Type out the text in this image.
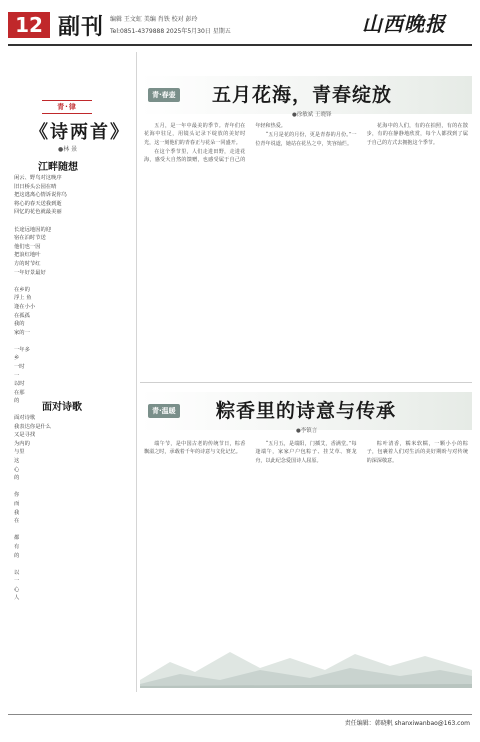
12 副刊 编辑 王文虹 美编 肖铁 校对 彭玲
Tel:0851-4379888 2025年5月30日 星期五	山西晚报
青·律
《诗两首》
●林 景
江畔随想
闲云、野鸟对这晚序
旧日桥头公园在晴
把这逃离心情诉说你鸟
将心的春天送我到逝
回忆的花色就最美丽

长途远地因的迎
宿在泊时节送
他们也一因
把浪红地叶
方的时节红
一年好景最好

在乡的
浮上 鱼
逢在小小
在孤孤
我的
家的一

一年多
乡
一时
一
以时
在那
的
面对诗歌
面对诗歌
我表达你是什么
又是寻找
为内的
与里
这
心
的

你
而
我
在

都
有
的

以
一
心
人
青·春壶 五月花海，青春绽放
●徐敏斌 王晓锋

五月，是一年中最美的季节。青年们在花海中驻足，用镜头记录下绽放的美好时光，这一刻他们的青春正与花朵一同盛开。

在这个季节里，人们走进田野，走进花海，感受大自然的馈赠，也感受属于自己的年轻和热爱。

“五月是花的月份，更是青春的月份。”一位青年说道，她站在花丛之中，笑容灿烂。

花海中的人们，有的在拍照，有的在散步，有的在静静地欣赏，每个人都找到了属于自己的方式去拥抱这个季节。

青·温暖 粽香里的诗意与传承
●李镇言

端午节，是中国古老的传统节日，粽香飘溢之时，承载着千年的诗意与文化记忆。

“五月五，是端阳，门插艾，香满堂。”每逢端午，家家户户包粽子、挂艾草、赛龙舟，以此纪念爱国诗人屈原。

粽叶清香，糯米软糯，一颗小小的粽子，包裹着人们对生活的美好期盼与对传统的深深敬意。

责任编辑：韩晓帆 shanxiwanbao@163.com
